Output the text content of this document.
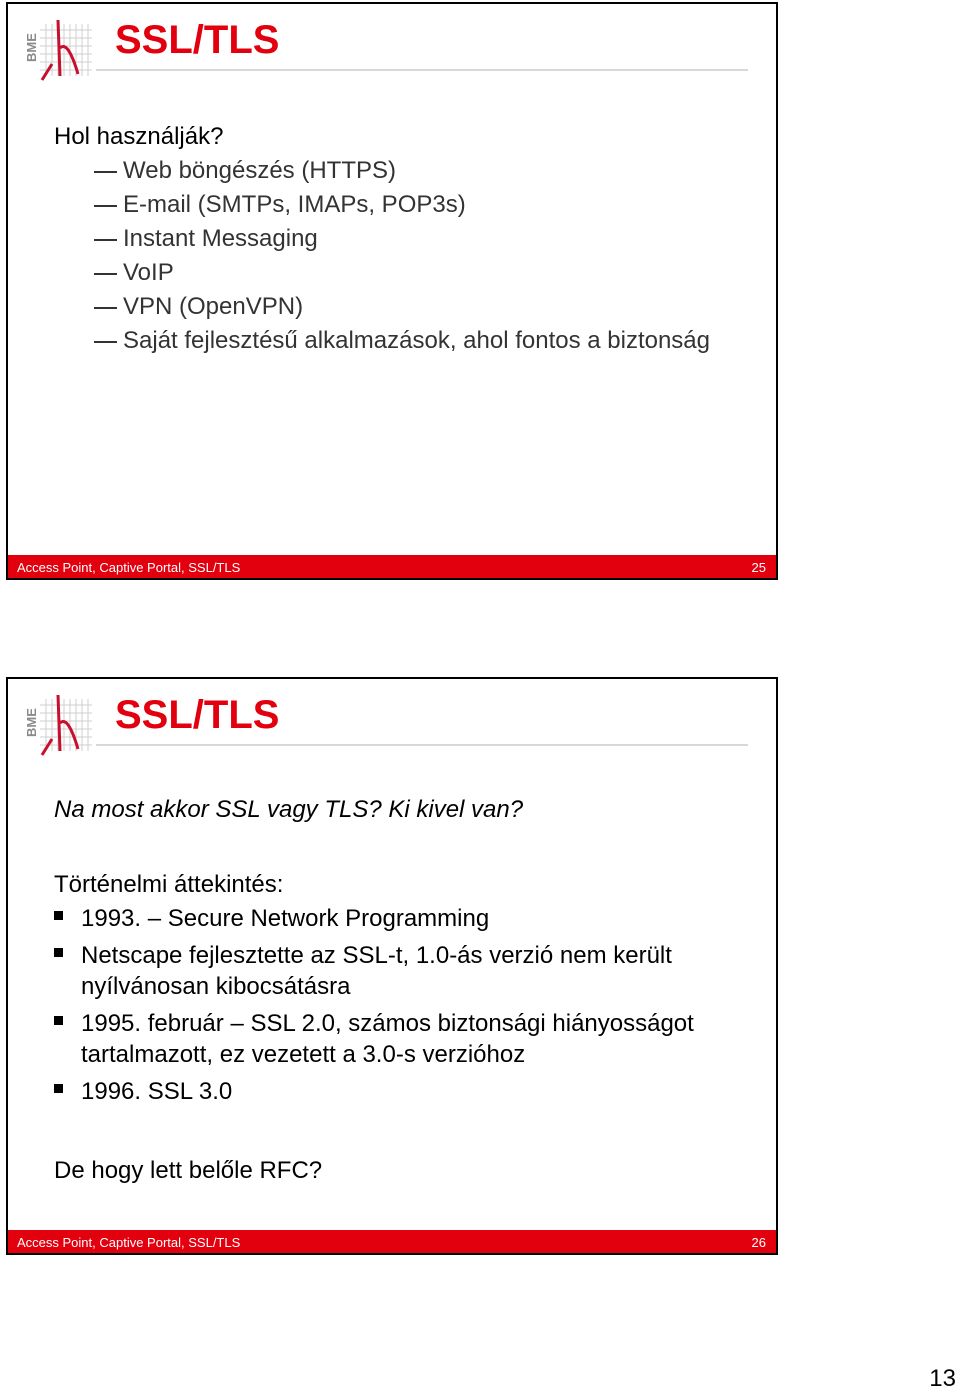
BME SSL/TLS
Hol használják?
Web böngészés (HTTPS)
E-mail (SMTPs, IMAPs, POP3s)
Instant Messaging
VoIP
VPN (OpenVPN)
Saját fejlesztésű alkalmazások, ahol fontos a biztonság
Access Point, Captive Portal, SSL/TLS	25
BME SSL/TLS
Na most akkor SSL vagy TLS? Ki kivel van?
Történelmi áttekintés:
1993. – Secure Network Programming
Netscape fejlesztette az SSL-t, 1.0-ás verzió nem került nyílvánosan kibocsátásra
1995. február – SSL 2.0, számos biztonsági hiányosságot tartalmazott, ez vezetett a 3.0-s verzióhoz
1996. SSL 3.0
De hogy lett belőle RFC?
Access Point, Captive Portal, SSL/TLS	26
13
